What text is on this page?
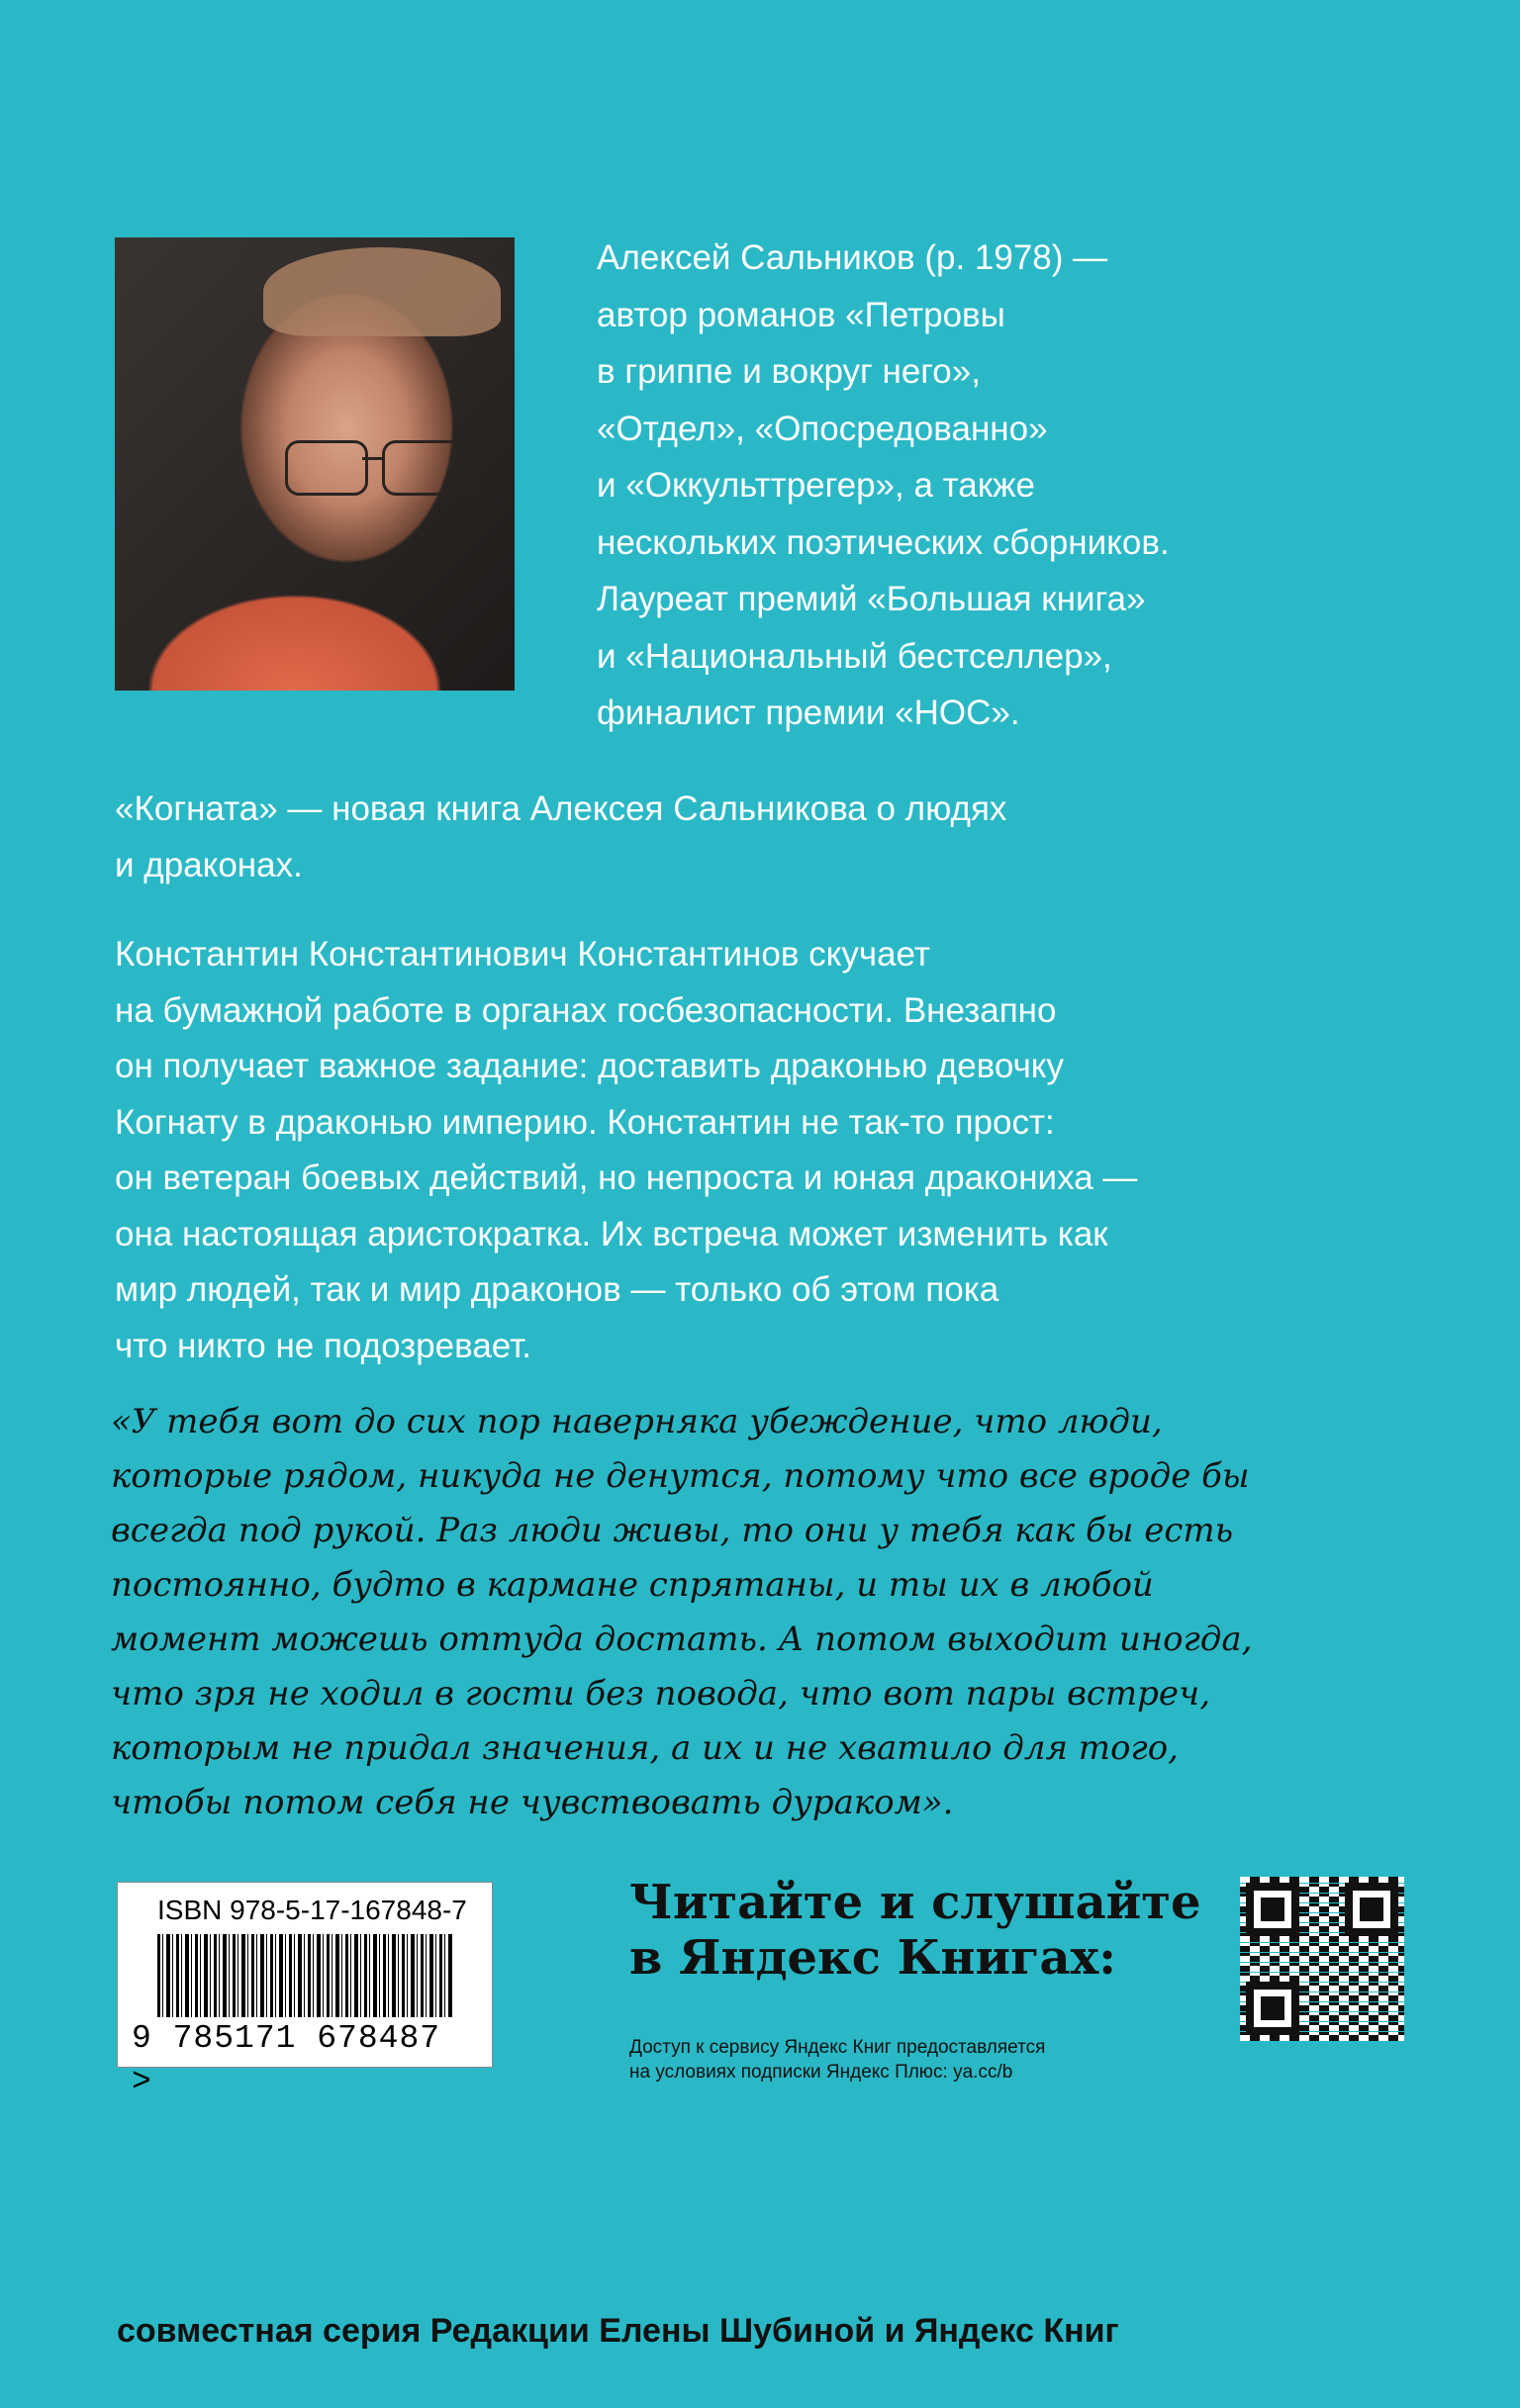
Алексей Сальников (р. 1978) —
автор романов «Петровы
в гриппе и вокруг него»,
«Отдел», «Опосредованно»
и «Оккульттрегер», а также
нескольких поэтических сборников.
Лауреат премий «Большая книга»
и «Национальный бестселлер»,
финалист премии «НОС».

«Когната» — новая книга Алексея Сальникова о людях
и драконах.

Константин Константинович Константинов скучает
на бумажной работе в органах госбезопасности. Внезапно
он получает важное задание: доставить драконью девочку
Когнату в драконью империю. Константин не так-то прост:
он ветеран боевых действий, но непроста и юная дракониха —
она настоящая аристократка. Их встреча может изменить как
мир людей, так и мир драконов — только об этом пока
что никто не подозревает.

«У тебя вот до сих пор наверняка убеждение, что люди,
которые рядом, никуда не денутся, потому что все вроде бы
всегда под рукой. Раз люди живы, то они у тебя как бы есть
постоянно, будто в кармане спрятаны, и ты их в любой
момент можешь оттуда достать. А потом выходит иногда,
что зря не ходил в гости без повода, что вот пары встреч,
которым не придал значения, а их и не хватило для того,
чтобы потом себя не чувствовать дураком».

ISBN 978-5-17-167848-7
9 785171 678487 >

Читайте и слушайте
в Яндекс Книгах:

Доступ к сервису Яндекс Книг предоставляется
на условиях подписки Яндекс Плюс: ya.cc/b

совместная серия Редакции Елены Шубиной и Яндекс Книг
